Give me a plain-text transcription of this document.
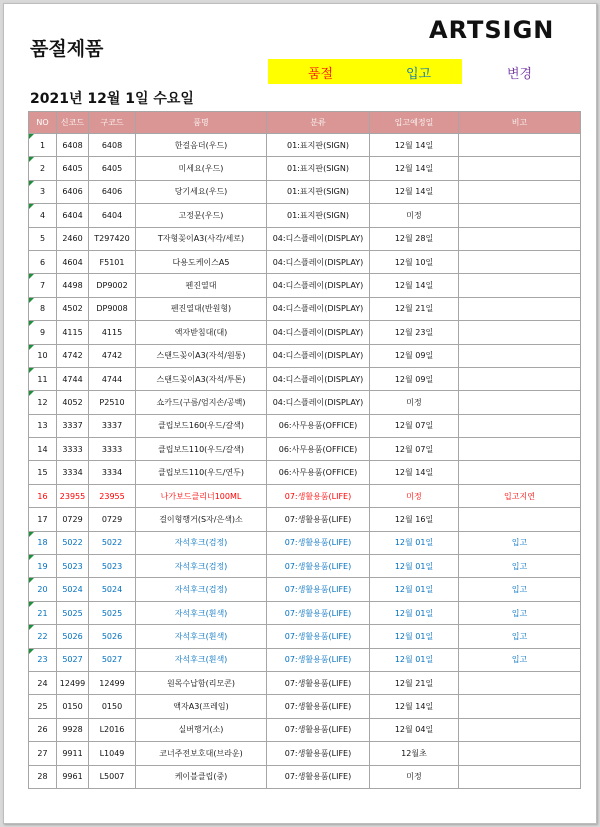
품절제품
ARTSIGN
품절	입고	변경
2021년 12월 1일 수요일
NO	신코드	구코드	품명	분류	입고예정일	비고

1	6408	6408	한걸음더(우드)	01:표지판(SIGN)	12월 14일	

2	6405	6405	미세요(우드)	01:표지판(SIGN)	12월 14일	

3	6406	6406	당기세요(우드)	01:표지판(SIGN)	12월 14일	

4	6404	6404	고정문(우드)	01:표지판(SIGN)	미정	
5	2460	T297420	T자형꽂이A3(사각/세로)	04:디스플레이(DISPLAY)	12월 28일	
6	4604	F5101	다용도케이스A5	04:디스플레이(DISPLAY)	12월 10일	

7	4498	DP9002	펜진열대	04:디스플레이(DISPLAY)	12월 14일	

8	4502	DP9008	펜진열대(반원형)	04:디스플레이(DISPLAY)	12월 21일	

9	4115	4115	액자받침대(대)	04:디스플레이(DISPLAY)	12월 23일	

10	4742	4742	스탠드꽂이A3(자석/원통)	04:디스플레이(DISPLAY)	12월 09일	

11	4744	4744	스탠드꽂이A3(자석/투톤)	04:디스플레이(DISPLAY)	12월 09일	

12	4052	P2510	쇼카드(구름/엄지손/공백)	04:디스플레이(DISPLAY)	미정	
13	3337	3337	클립보드160(우드/갈색)	06:사무용품(OFFICE)	12월 07일	
14	3333	3333	클립보드110(우드/갈색)	06:사무용품(OFFICE)	12월 07일	
15	3334	3334	클립보드110(우드/연두)	06:사무용품(OFFICE)	12월 14일	
16	23955	23955	나가보드클리너100ML	07:생활용품(LIFE)	미정	입고지연
17	0729	0729	걸이형행거(S자/은색)소	07:생활용품(LIFE)	12월 16일	

18	5022	5022	자석후크(검정)	07:생활용품(LIFE)	12월 01일	입고

19	5023	5023	자석후크(검정)	07:생활용품(LIFE)	12월 01일	입고

20	5024	5024	자석후크(검정)	07:생활용품(LIFE)	12월 01일	입고

21	5025	5025	자석후크(흰색)	07:생활용품(LIFE)	12월 01일	입고

22	5026	5026	자석후크(흰색)	07:생활용품(LIFE)	12월 01일	입고

23	5027	5027	자석후크(흰색)	07:생활용품(LIFE)	12월 01일	입고
24	12499	12499	원목수납함(리모콘)	07:생활용품(LIFE)	12월 21일	
25	0150	0150	액자A3(프레임)	07:생활용품(LIFE)	12월 14일	
26	9928	L2016	실버행거(소)	07:생활용품(LIFE)	12월 04일	
27	9911	L1049	코너주전보호대(브라운)	07:생활용품(LIFE)	12월초	
28	9961	L5007	케이블클립(중)	07:생활용품(LIFE)	미정	
